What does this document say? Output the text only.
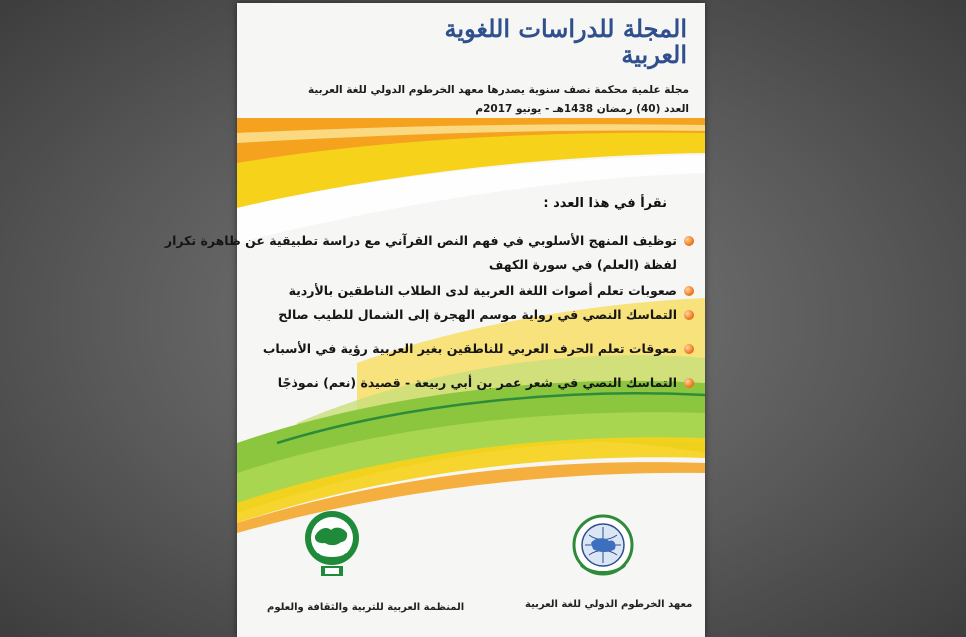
المجلة للدراسات اللغوية
العربية
مجلة علمية محكمة نصف سنوية يصدرها معهد الخرطوم الدولي للغة العربية
العدد (40) رمضان 1438هـ - يونيو 2017م
نقرأ في هذا العدد :
توظيف المنهج الأسلوبي في فهم النص القرآني مع دراسة تطبيقية عن ظاهرة تكرار
لفظة (العلم) في سورة الكهف
صعوبات تعلم أصوات اللغة العربية لدى الطلاب الناطقين بالأردية
التماسك النصي في رواية موسم الهجرة إلى الشمال للطيب صالح
معوقات تعلم الحرف العربي للناطقين بغير العربية رؤية في الأسباب
التماسك النصي في شعر عمر بن أبي ربيعة - قصيدة (نعم) نموذجًا
المنظمة العربية للتربية والثقافة والعلوم	معهد الخرطوم الدولي للغة العربية
